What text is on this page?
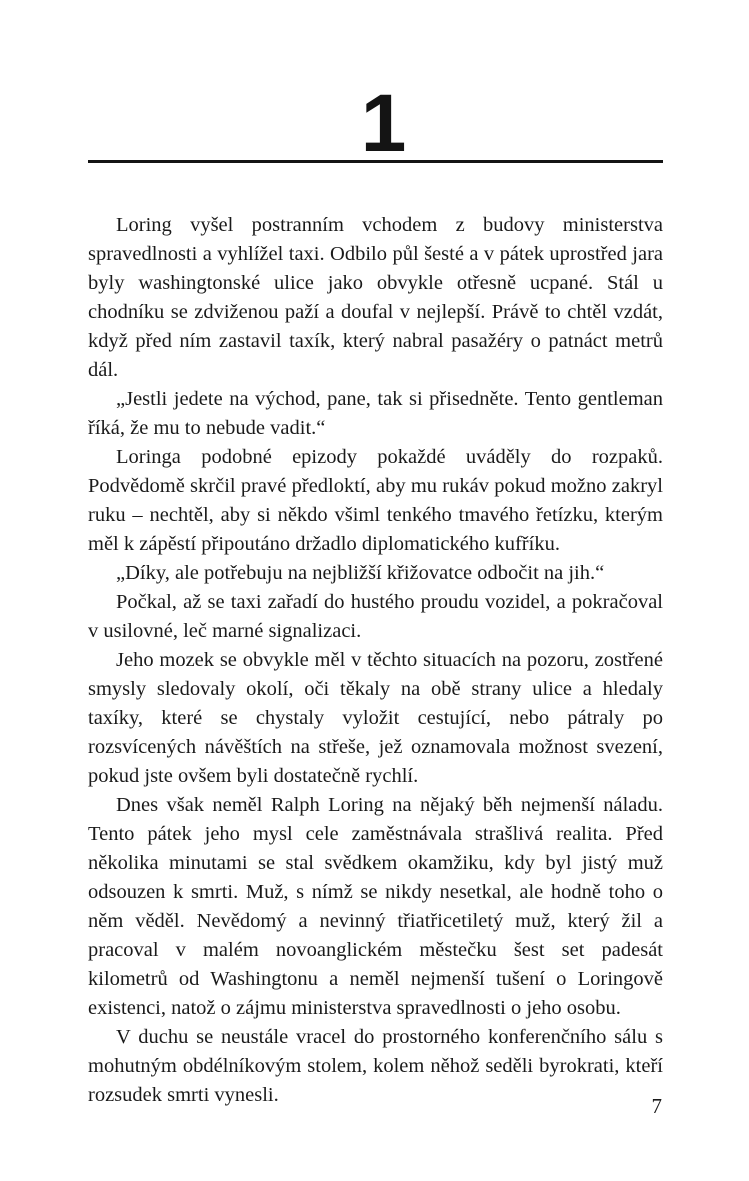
1

Loring vyšel postranním vchodem z budovy ministerstva spravedlnosti a vyhlížel taxi. Odbilo půl šesté a v pátek uprostřed jara byly washingtonské ulice jako obvykle otřesně ucpané. Stál u chodníku se zdviženou paží a doufal v nejlepší. Právě to chtěl vzdát, když před ním zastavil taxík, který nabral pasažéry o patnáct metrů dál.

„Jestli jedete na východ, pane, tak si přisedněte. Tento gentleman říká, že mu to nebude vadit.“

Loringa podobné epizody pokaždé uváděly do rozpaků. Podvědomě skrčil pravé předloktí, aby mu rukáv pokud možno zakryl ruku – nechtěl, aby si někdo všiml tenkého tmavého řetízku, kterým měl k zápěstí připoutáno držadlo diplomatického kufříku.

„Díky, ale potřebuju na nejbližší křižovatce odbočit na jih.“

Počkal, až se taxi zařadí do hustého proudu vozidel, a pokračoval v usilovné, leč marné signalizaci.

Jeho mozek se obvykle měl v těchto situacích na pozoru, zostřené smysly sledovaly okolí, oči těkaly na obě strany ulice a hledaly taxíky, které se chystaly vyložit cestující, nebo pátraly po rozsvícených návěštích na střeše, jež oznamovala možnost svezení, pokud jste ovšem byli dostatečně rychlí.

Dnes však neměl Ralph Loring na nějaký běh nejmenší náladu. Tento pátek jeho mysl cele zaměstnávala strašlivá realita. Před několika minutami se stal svědkem okamžiku, kdy byl jistý muž odsouzen k smrti. Muž, s nímž se nikdy nesetkal, ale hodně toho o něm věděl. Nevědomý a nevinný třiatřicetiletý muž, který žil a pracoval v malém novoanglickém městečku šest set padesát kilometrů od Washingtonu a neměl nejmenší tušení o Loringově existenci, natož o zájmu ministerstva spravedlnosti o jeho osobu.

V duchu se neustále vracel do prostorného konferenčního sálu s mohutným obdélníkovým stolem, kolem něhož seděli byrokrati, kteří rozsudek smrti vynesli.	7
